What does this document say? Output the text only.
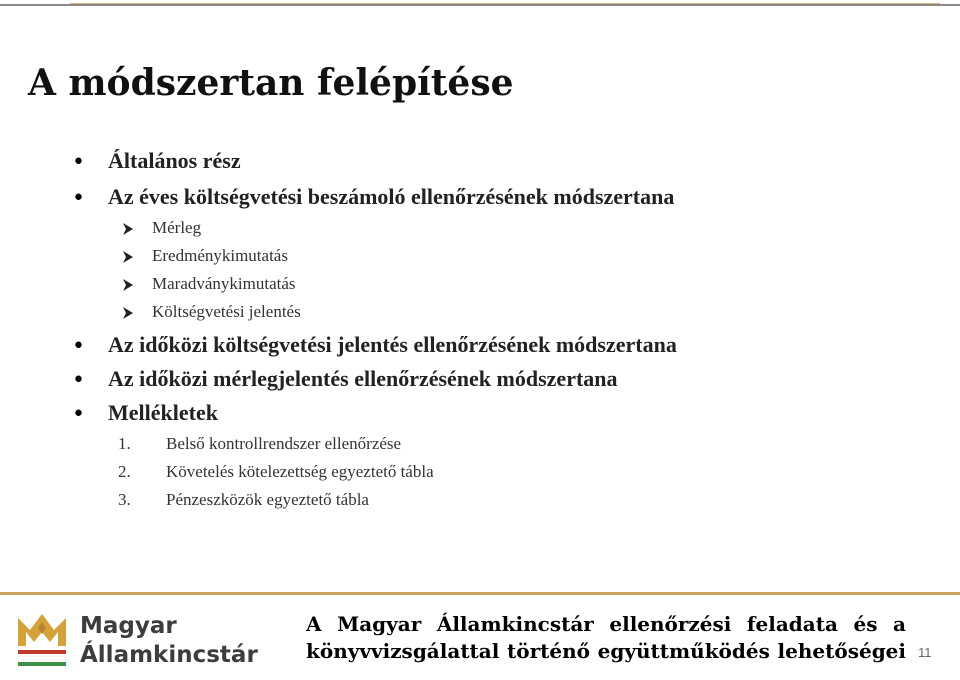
A módszertan felépítése
• Általános rész
• Az éves költségvetési beszámoló ellenőrzésének módszertana
Mérleg
Eredménykimutatás
Maradványkimutatás
Költségvetési jelentés
• Az időközi költségvetési jelentés ellenőrzésének módszertana
• Az időközi mérlegjelentés ellenőrzésének módszertana
• Mellékletek
1. Belső kontrollrendszer ellenőrzése
2. Követelés kötelezettség egyeztető tábla
3. Pénzeszközök egyeztető tábla
Magyar
Államkincstár
A Magyar Államkincstár ellenőrzési feladata és a könyvvizsgálattal történő együttműködés lehetőségei 11
